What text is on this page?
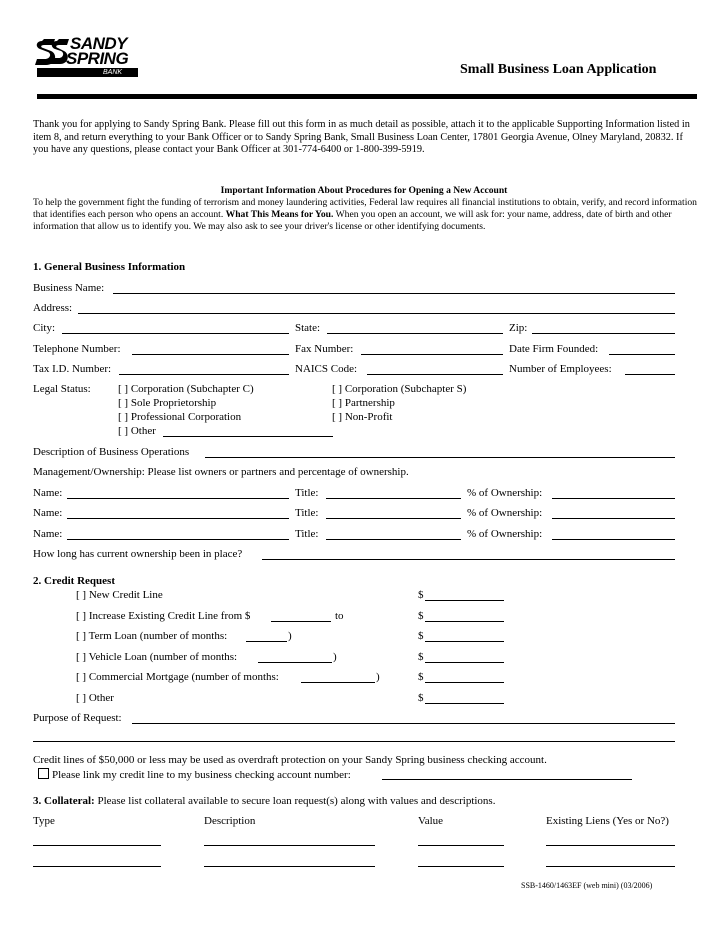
SANDY
SPRING
BANK	Small Business Loan Application
Thank you for applying to Sandy Spring Bank. Please fill out this form in as much detail as possible, attach it to the applicable Supporting Information listed in item 8, and return everything to your Bank Officer or to Sandy Spring Bank, Small Business Loan Center, 17801 Georgia Avenue, Olney Maryland, 20832. If you have any questions, please contact your Bank Officer at 301-774-6400 or 1-800-399-5919.
Important Information About Procedures for Opening a New Account
To help the government fight the funding of terrorism and money laundering activities, Federal law requires all financial institutions to obtain, verify, and record information that identifies each person who opens an account. What This Means for You. When you open an account, we will ask for: your name, address, date of birth and other information that allow us to identify you. We may also ask to see your driver's license or other identifying documents.
1. General Business Information
Business Name:
Address:
City:	State:	Zip:
Telephone Number:	Fax Number:	Date Firm Founded:
Tax I.D. Number:	NAICS Code:	Number of Employees:
Legal Status: [ ] Corporation (Subchapter C)	[ ] Corporation (Subchapter S)
[ ] Sole Proprietorship	[ ] Partnership
[ ] Professional Corporation	[ ] Non-Profit
[ ] Other
Description of Business Operations
Management/Ownership: Please list owners or partners and percentage of ownership.
Name:	Title:	% of Ownership:
Name:	Title:	% of Ownership:
Name:	Title:	% of Ownership:
How long has current ownership been in place?
2. Credit Request
[ ] New Credit Line	$
[ ] Increase Existing Credit Line from $	to	$
[ ] Term Loan (number of months:	)	$
[ ] Vehicle Loan (number of months:	)	$
[ ] Commercial Mortgage (number of months:	)	$
[ ] Other	$
Purpose of Request:
Credit lines of $50,000 or less may be used as overdraft protection on your Sandy Spring business checking account.
Please link my credit line to my business checking account number:
3. Collateral: Please list collateral available to secure loan request(s) along with values and descriptions.
Type	Description	Value	Existing Liens (Yes or No?)
SSB-1460/1463EF (web mini) (03/2006)
